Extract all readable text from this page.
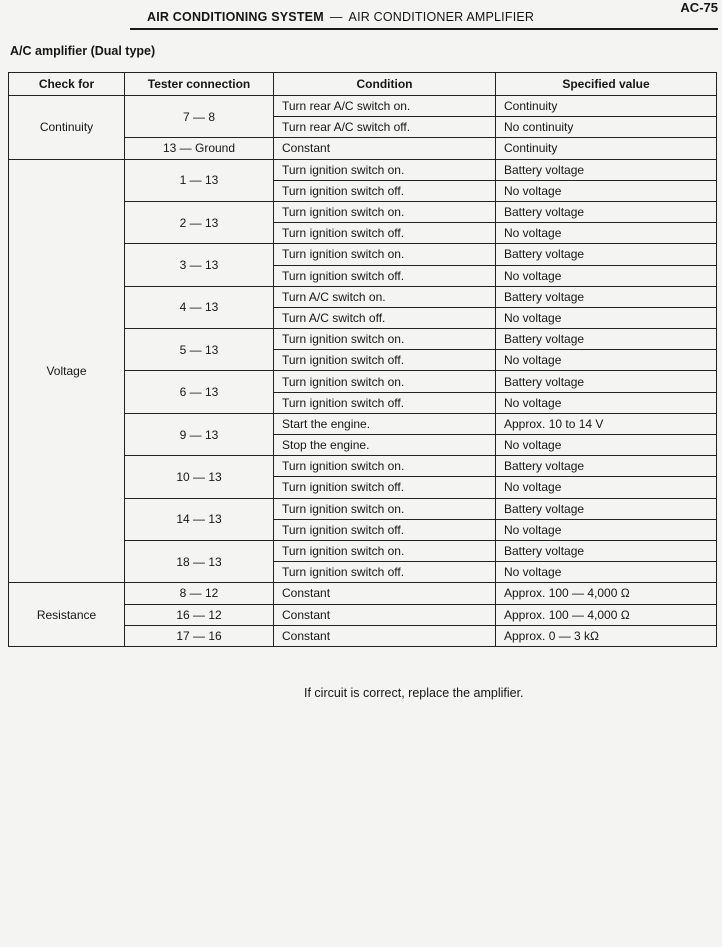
AIR CONDITIONING SYSTEM — AIR CONDITIONER AMPLIFIER
AC-75
A/C amplifier (Dual type)
Check for	Tester connection	Condition	Specified value
Continuity	7 — 8	Turn rear A/C switch on.	Continuity
		Turn rear A/C switch off.	No continuity
	13 — Ground	Constant	Continuity
Voltage	1 — 13	Turn ignition switch on.	Battery voltage
		Turn ignition switch off.	No voltage
	2 — 13	Turn ignition switch on.	Battery voltage
		Turn ignition switch off.	No voltage
	3 — 13	Turn ignition switch on.	Battery voltage
		Turn ignition switch off.	No voltage
	4 — 13	Turn A/C switch on.	Battery voltage
		Turn A/C switch off.	No voltage
	5 — 13	Turn ignition switch on.	Battery voltage
		Turn ignition switch off.	No voltage
	6 — 13	Turn ignition switch on.	Battery voltage
		Turn ignition switch off.	No voltage
	9 — 13	Start the engine.	Approx. 10 to 14 V
		Stop the engine.	No voltage
	10 — 13	Turn ignition switch on.	Battery voltage
		Turn ignition switch off.	No voltage
	14 — 13	Turn ignition switch on.	Battery voltage
		Turn ignition switch off.	No voltage
	18 — 13	Turn ignition switch on.	Battery voltage
		Turn ignition switch off.	No voltage
Resistance	8 — 12	Constant	Approx. 100 — 4,000 Ω
	16 — 12	Constant	Approx. 100 — 4,000 Ω
	17 — 16	Constant	Approx. 0 — 3 kΩ
If circuit is correct, replace the amplifier.
